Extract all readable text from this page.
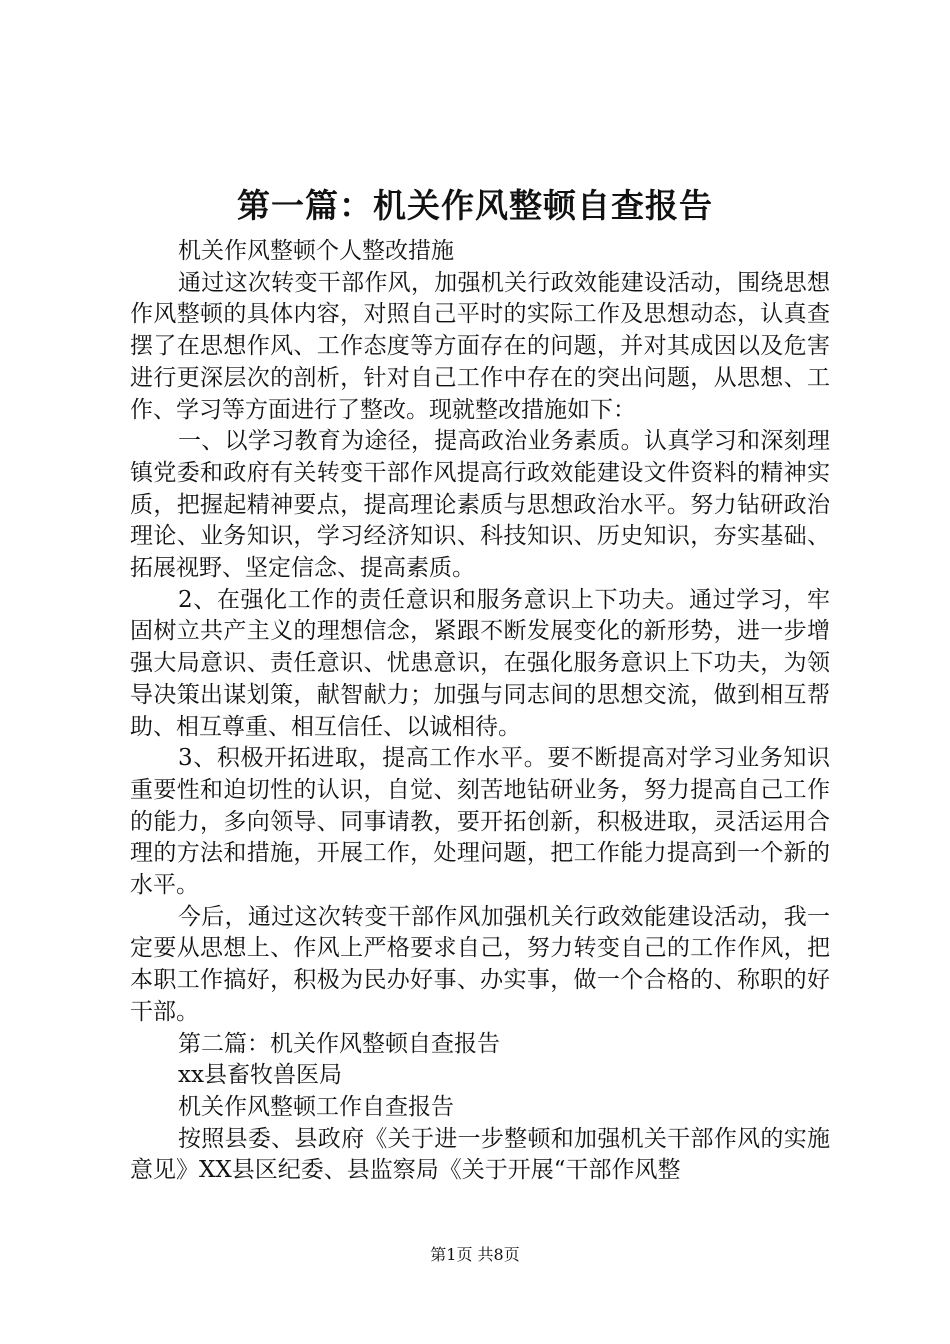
第一篇：机关作风整顿自查报告

机关作风整顿个人整改措施

通过这次转变干部作风，加强机关行政效能建设活动，围绕思想作风整顿的具体内容，对照自己平时的实际工作及思想动态，认真查摆了在思想作风、工作态度等方面存在的问题，并对其成因以及危害进行更深层次的剖析，针对自己工作中存在的突出问题，从思想、工作、学习等方面进行了整改。现就整改措施如下：

一、以学习教育为途径，提高政治业务素质。认真学习和深刻理镇党委和政府有关转变干部作风提高行政效能建设文件资料的精神实质，把握起精神要点，提高理论素质与思想政治水平。努力钻研政治理论、业务知识，学习经济知识、科技知识、历史知识，夯实基础、拓展视野、坚定信念、提高素质。

2、在强化工作的责任意识和服务意识上下功夫。通过学习，牢固树立共产主义的理想信念，紧跟不断发展变化的新形势，进一步增强大局意识、责任意识、忧患意识，在强化服务意识上下功夫，为领导决策出谋划策，献智献力；加强与同志间的思想交流，做到相互帮助、相互尊重、相互信任、以诚相待。

3、积极开拓进取，提高工作水平。要不断提高对学习业务知识重要性和迫切性的认识，自觉、刻苦地钻研业务，努力提高自己工作的能力，多向领导、同事请教，要开拓创新，积极进取，灵活运用合理的方法和措施，开展工作，处理问题，把工作能力提高到一个新的水平。

今后，通过这次转变干部作风加强机关行政效能建设活动，我一定要从思想上、作风上严格要求自己，努力转变自己的工作作风，把本职工作搞好，积极为民办好事、办实事，做一个合格的、称职的好干部。

第二篇：机关作风整顿自查报告

xx县畜牧兽医局

机关作风整顿工作自查报告

按照县委、县政府《关于进一步整顿和加强机关干部作风的实施意见》XX县区纪委、县监察局《关于开展“干部作风整

第1页 共8页
